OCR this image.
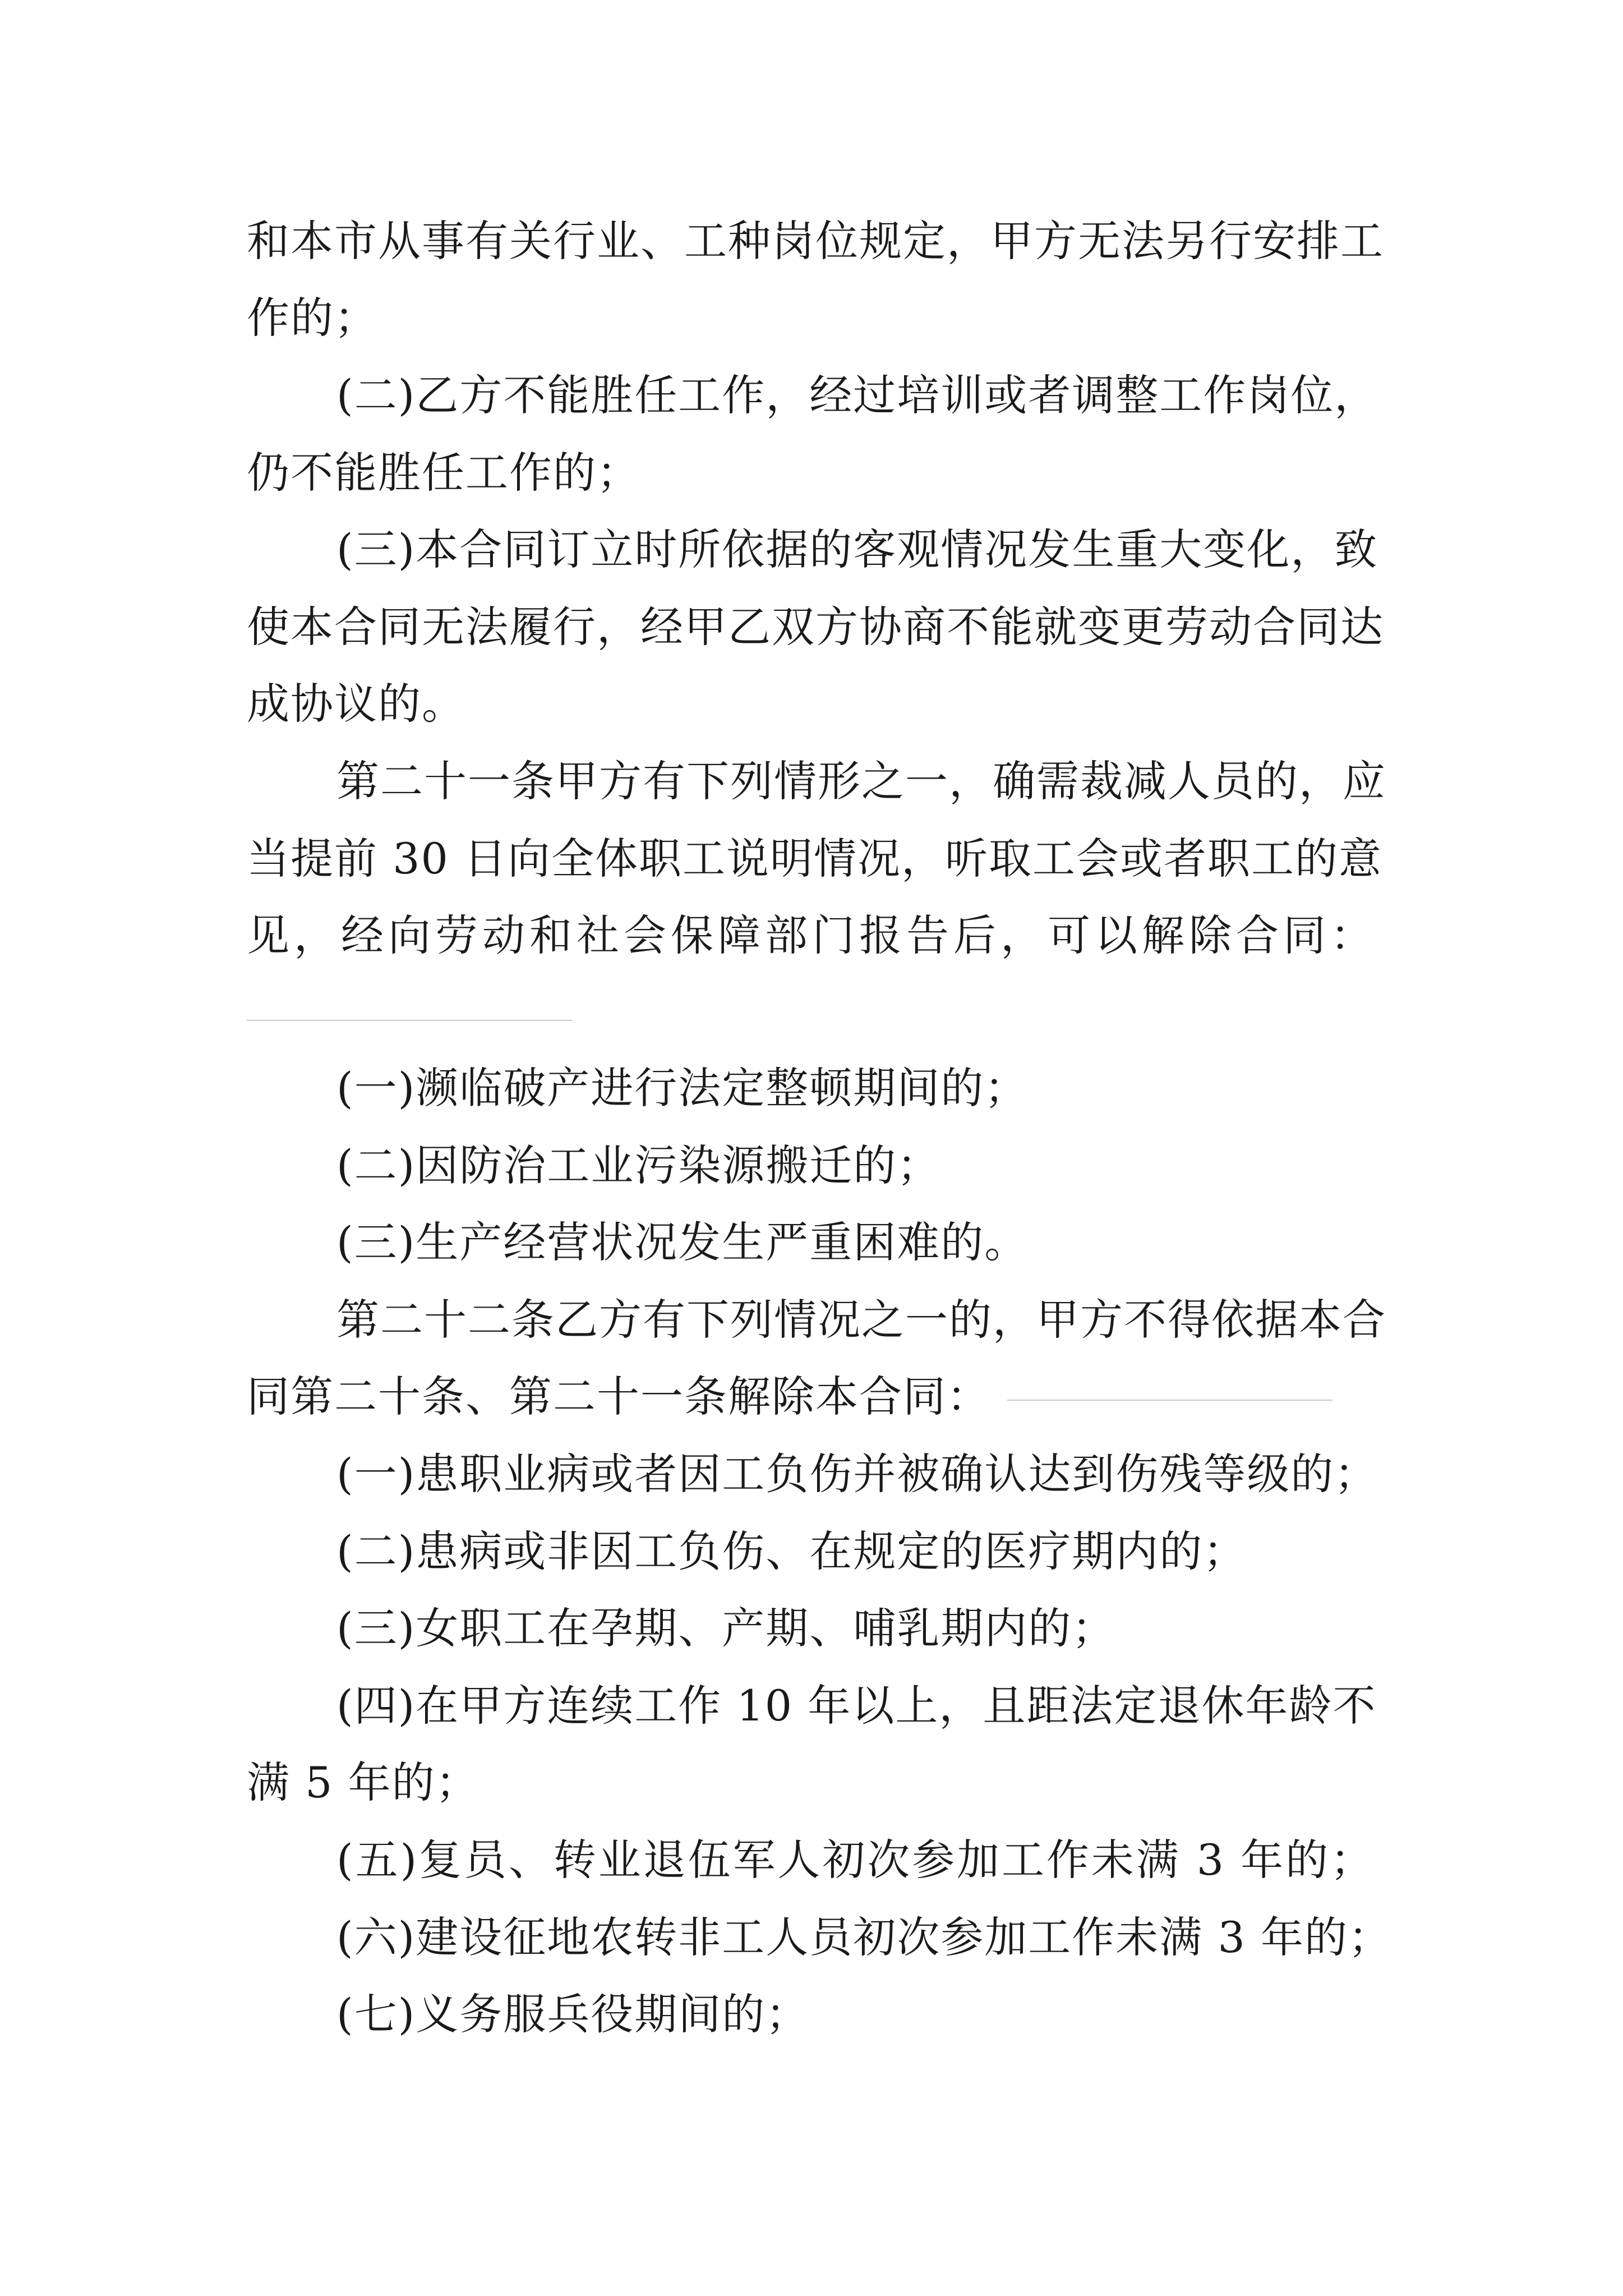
和本市从事有关行业、工种岗位规定，甲方无法另行安排工
作的；
(二)乙方不能胜任工作，经过培训或者调整工作岗位，
仍不能胜任工作的；
(三)本合同订立时所依据的客观情况发生重大变化，致
使本合同无法履行，经甲乙双方协商不能就变更劳动合同达
成协议的。
第二十一条甲方有下列情形之一，确需裁减人员的，应
当提前 30 日向全体职工说明情况，听取工会或者职工的意
见，经向劳动和社会保障部门报告后，可以解除合同：
(一)濒临破产进行法定整顿期间的；
(二)因防治工业污染源搬迁的；
(三)生产经营状况发生严重困难的。
第二十二条乙方有下列情况之一的，甲方不得依据本合
同第二十条、第二十一条解除本合同：
(一)患职业病或者因工负伤并被确认达到伤残等级的；
(二)患病或非因工负伤、在规定的医疗期内的；
(三)女职工在孕期、产期、哺乳期内的；
(四)在甲方连续工作 10 年以上，且距法定退休年龄不
满 5 年的；
(五)复员、转业退伍军人初次参加工作未满 3 年的；
(六)建设征地农转非工人员初次参加工作未满 3 年的；
(七)义务服兵役期间的；
